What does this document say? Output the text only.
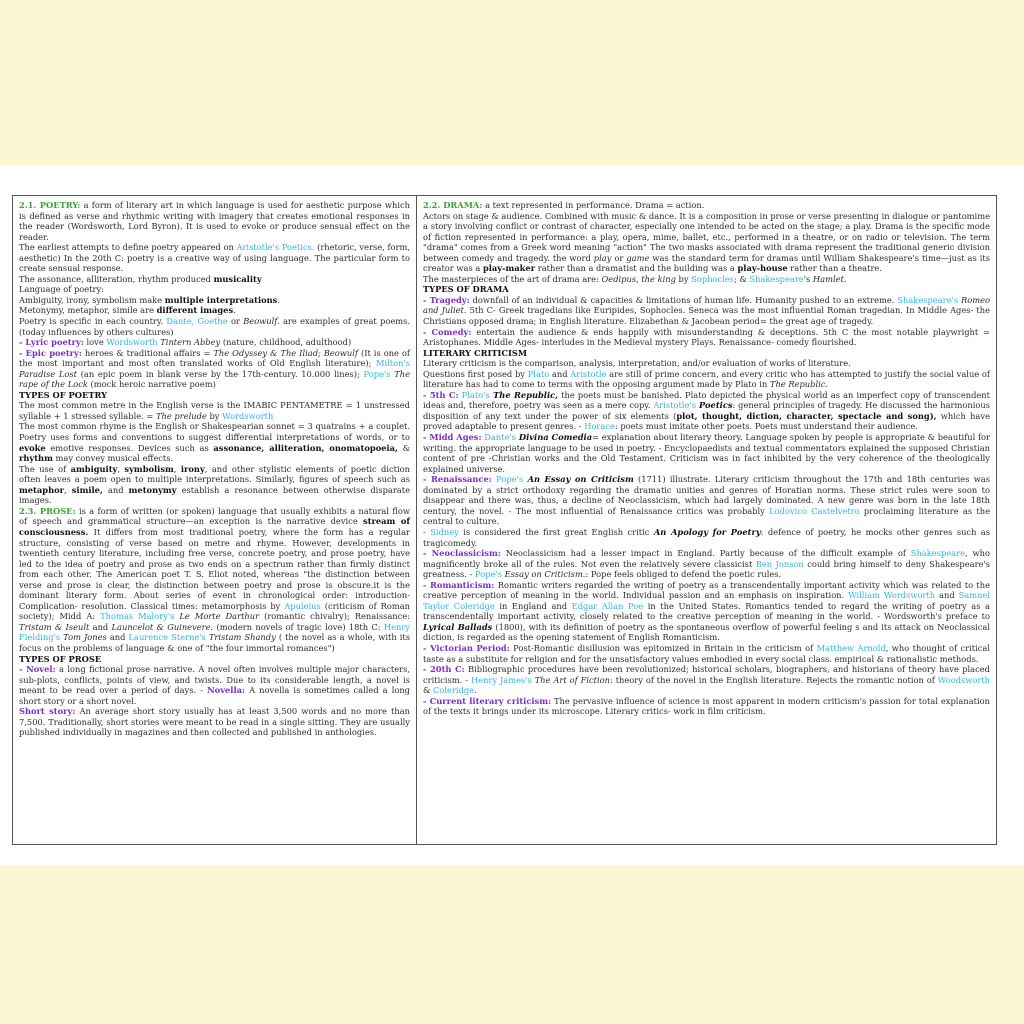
2.1. POETRY: a form of literary art in which language is used for aesthetic purpose which is defined as verse and rhythmic writing with imagery that creates emotional responses in the reader (Wordsworth, Lord Byron). It is used to evoke or produce sensual effect on the reader.

The earliest attempts to define poetry appeared on Aristotle's Poetics. (rhetoric, verse, form, aesthetic) In the 20th C: poetry is a creative way of using language. The particular form to create sensual response.

The assonance, alliteration, rhythm produced musicality

Language of poetry:

Ambiguity, irony, symbolism make multiple interpretations.

Metonymy, metaphor, simile are different images.

Poetry is specific in each country. Dante, Goethe or Beowulf. are examples of great poems. (today influences by others cultures)

- Lyric poetry: love Wordsworth Tintern Abbey (nature, childhood, adulthood)

- Epic poetry: heroes & traditional affairs = The Odyssey & The Iliad; Beowulf (It is one of the most important and most often translated works of Old English literature); Milton's Paradise Lost (an epic poem in blank verse by the 17th-century. 10.000 lines); Pope's The rape of the Lock (mock heroic narrative poem)

TYPES OF POETRY

The most common metre in the English verse is the IMABIC PENTAMETRE = 1 unstressed syllable + 1 stressed syllable. = The prelude by Wordsworth

The most common rhyme is the English or Shakespearian sonnet = 3 quatrains + a couplet. Poetry uses forms and conventions to suggest differential interpretations of words, or to evoke emotive responses. Devices such as assonance, alliteration, onomatopoeia, & rhythm may convey musical effects.

The use of ambiguity, symbolism, irony, and other stylistic elements of poetic diction often leaves a poem open to multiple interpretations. Similarly, figures of speech such as metaphor, simile, and metonymy establish a resonance between otherwise disparate images.

2.3. PROSE: is a form of written (or spoken) language that usually exhibits a natural flow of speech and grammatical structure—an exception is the narrative device stream of consciousness. It differs from most traditional poetry, where the form has a regular structure, consisting of verse based on metre and rhyme. However, developments in twentieth century literature, including free verse, concrete poetry, and prose poetry, have led to the idea of poetry and prose as two ends on a spectrum rather than firmly distinct from each other. The American poet T. S. Eliot noted, whereas "the distinction between verse and prose is clear, the distinction between poetry and prose is obscure.it is the dominant literary form. About series of event in chronological order: introduction- Complication- resolution. Classical times: metamorphosis by Apuleius (criticism of Roman society); Midd A: Thomas Malory's Le Morte Darthur (romantic chivalry); Renaissance: Tristam & Iseult and Launcelot & Guinevere. (modern novels of tragic love) 18th C: Henry Fielding's Tom Jones and Laurence Sterne's Tristam Shandy ( the novel as a whole, with its focus on the problems of language & one of "the four immortal romances")

TYPES OF PROSE

- Novel: a long fictional prose narrative. A novel often involves multiple major characters, sub-plots, conflicts, points of view, and twists. Due to its considerable length, a novel is meant to be read over a period of days. - Novella: A novella is sometimes called a long short story or a short novel.

Short story: An average short story usually has at least 3,500 words and no more than 7,500. Traditionally, short stories were meant to be read in a single sitting. They are usually published individually in magazines and then collected and published in anthologies.

2.2. DRAMA: a text represented in performance. Drama = action.

Actors on stage & audience. Combined with music & dance. It is a composition in prose or verse presenting in dialogue or pantomime a story involving conflict or contrast of character, especially one intended to be acted on the stage; a play. Drama is the specific mode of fiction represented in performance: a play, opera, mime, ballet, etc., performed in a theatre, or on radio or television. The term "drama" comes from a Greek word meaning "action" The two masks associated with drama represent the traditional generic division between comedy and tragedy. the word play or game was the standard term for dramas until William Shakespeare's time—just as its creator was a play-maker rather than a dramatist and the building was a play-house rather than a theatre.

The masterpieces of the art of drama are: Oedipus, the king by Sophocles; & Shakespeare's Hamlet.

TYPES OF DRAMA

- Tragedy: downfall of an individual & capacities & limitations of human life. Humanity pushed to an extreme. Shakespeare's Romeo and Juliet. 5th C- Greek tragedians like Euripides, Sophocles. Seneca was the most influential Roman tragedian. In Middle Ages- the Christians opposed drama; in English literature. Elizabethan & Jacobean period= the great age of tragedy.

- Comedy: entertain the audience & ends happily with misunderstanding & deceptions. 5th C the most notable playwright = Aristophanes. Middle Ages- interludes in the Medieval mystery Plays. Renaissance- comedy flourished.

LITERARY CRITICISM

Literary criticism is the comparison, analysis, interpretation, and/or evaluation of works of literature.

Questions first posed by Plato and Aristotle are still of prime concern, and every critic who has attempted to justify the social value of literature has had to come to terms with the opposing argument made by Plato in The Republic.

- 5th C: Plato's The Republic, the poets must be banished. Plato depicted the physical world as an imperfect copy of transcendent ideas and, therefore, poetry was seen as a mere copy. Aristotle's Poetics: general principles of tragedy. He discussed the harmonious disposition of any text under the power of six elements (plot, thought, diction, character, spectacle and song), which have proved adaptable to present genres. - Horace: poets must imitate other poets. Poets must understand their audience.

- Midd Ages: Dante's Divina Comedia= explanation about literary theory. Language spoken by people is appropriate & beautiful for writing. the appropriate language to be used in poetry. - Encyclopaedists and textual commentators explained the supposed Christian content of pre -Christian works and the Old Testament. Criticism was in fact inhibited by the very coherence of the theologically explained universe.

- Renaissance: Pope's An Essay on Criticism (1711) illustrate. Literary criticism throughout the 17th and 18th centuries was dominated by a strict orthodoxy regarding the dramatic unities and genres of Horatian norms. These strict rules were soon to disappear and there was, thus, a decline of Neoclassicism, which had largely dominated. A new genre was born in the late 18th century, the novel. - The most influential of Renaissance critics was probably Lodovico Castelvetro proclaiming literature as the central to culture.

- Sidney is considered the first great English critic An Apology for Poetry: defence of poetry, he mocks other genres such as tragicomedy.

- Neoclassicism: Neoclassicism had a lesser impact in England. Partly because of the difficult example of Shakespeare, who magnificently broke all of the rules. Not even the relatively severe classicist Ben Jonson could bring himself to deny Shakespeare's greatness. - Pope's Essay on Criticism.: Pope feels obliged to defend the poetic rules.

- Romanticism: Romantic writers regarded the writing of poetry as a transcendentally important activity which was related to the creative perception of meaning in the world. Individual passion and an emphasis on inspiration. William Wordsworth and Samuel Taylor Coleridge in England and Edgar Allan Poe in the United States. Romantics tended to regard the writing of poetry as a transcendentally important activity, closely related to the creative perception of meaning in the world. - Wordsworth's preface to Lyrical Ballads (1800), with its definition of poetry as the spontaneous overflow of powerful feeling s and its attack on Neoclassical diction, is regarded as the opening statement of English Romanticism.

- Victorian Period: Post-Romantic disillusion was epitomized in Britain in the criticism of Matthew Arnold, who thought of critical taste as a substitute for religion and for the unsatisfactory values embodied in every social class. empirical & rationalistic methods.

- 20th C: Bibliographic procedures have been revolutionized; historical scholars, biographers, and historians of theory have placed criticism. - Henry James's The Art of Fiction: theory of the novel in the English literature. Rejects the romantic notion of Woodsworth & Coleridge.

- Current literary criticism: The pervasive influence of science is most apparent in modern criticism's passion for total explanation of the texts it brings under its microscope. Literary critics- work in film criticism.
